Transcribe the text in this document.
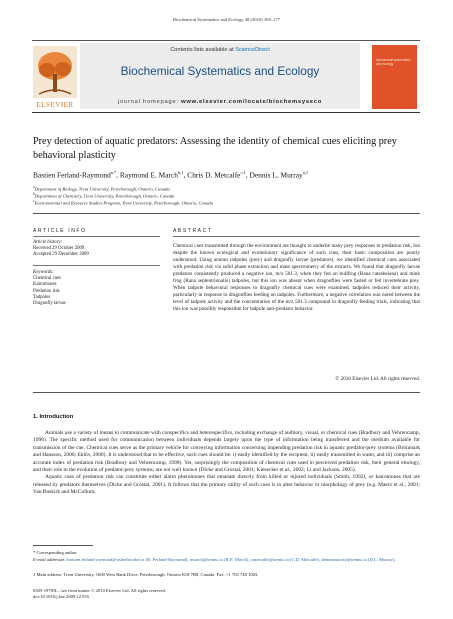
Biochemical Systematics and Ecology 38 (2010) 169–177
ELSEVIER
Contents lists available at ScienceDirect
Biochemical Systematics and Ecology
journal homepage: www.elsevier.com/locate/biochemsyseco
biochemical systematics and ecology
Prey detection of aquatic predators: Assessing the identity of chemical cues eliciting prey behavioral plasticity
Bastien Ferland-Raymond$^{a,*}$, Raymond E. March$^{b,1}$, Chris D. Metcalfe$^{c,1}$, Dennis L. Murray$^{a,1}$
$^a$Department of Biology, Trent University, Peterborough, Ontario, Canada
$^b$Department of Chemistry, Trent University, Peterborough, Ontario, Canada
$^c$Environmental and Resource Studies Program, Trent University, Peterborough, Ontario, Canada
ARTICLE INFO
Article history:
Received 29 October 2009
Accepted 29 December 2009
Keywords:
Chemical cues
Kairomones
Predation risk
Tadpoles
Dragonfly larvae
ABSTRACT
Chemical cues transmitted through the environment are thought to underlie many prey responses to predation risk, but despite the known ecological and evolutionary significance of such cues, their basic composition are poorly understood. Using anuran tadpoles (prey) and dragonfly larvae (predators), we identified chemical cues associated with predation risk via solid phase extraction and mass spectrometry of the extracts. We found that dragonfly larvae predators consistently produced a negative ion, m/z 501.3, when they fed on bullfrog (Rana catesbeiana) and mink frog (Rana septentrionalis) tadpoles, but this ion was absent when dragonflies were fasted or fed invertebrate prey. When tadpole behavioral responses to dragonfly chemical cues were examined, tadpoles reduced their activity, particularly in response to dragonflies feeding on tadpoles. Furthermore, a negative correlation was noted between the level of tadpole activity and the concentration of the m/z 501.3 compound in dragonfly feeding trials, indicating that this ion was possibly responsible for tadpole anti-predator behavior.
© 2010 Elsevier Ltd. All rights reserved.
1. Introduction

Animals use a variety of means to communicate with conspecifics and heterospecifics, including exchange of auditory, visual, or chemical cues (Bradbury and Vehrencamp, 1998). The specific method used for communication between individuals depends largely upon the type of information being transferred and the medium available for transmission of the cue. Chemical cues serve as the primary vehicle for conveying information concerning impending predation risk in aquatic predator-prey systems (Brönmark and Hansson, 2000; Eklöv, 2000). It is understood that to be effective, such cues should be: i) easily identified by the recipient, ii) easily transmitted in water, and iii) comprise an accurate index of predation risk (Bradbury and Vehrencamp, 1998). Yet, surprisingly the composition of chemical cues used in perceived predation risk, their general etiology, and their role in the evolution of predator-prey systems, are not well known (Dicke and Grostal, 2001; Kiesecker et al., 2002; Li and Jackson, 2005).

Aquatic cues of predation risk can constitute either alarm pheromones that emanate directly from killed or injured individuals (Smith, 1992), or kairomones that are released by predators themselves (Dicke and Grostal, 2001). It follows that the primary utility of such cues is to alter behavior or morphology of prey (e.g. Maerz et al., 2001; Van Buskirk and McCollum,

* Corresponding author.
E-mail addresses: bastien.ferland-raymond@usherbrooke.ca (B. Ferland-Raymond), rmarch@trentu.ca (R.E. March), cmetcalfe@trentu.ca (C.D. Metcalfe), dennismurray@trentu.ca (D.L. Murray).
1 Main address: Trent University, 1600 West Bank Drive, Peterborough, Ontario K9J 7B8, Canada. Fax: +1 705 748 1003.
0305-1978/$ – see front matter © 2010 Elsevier Ltd. All rights reserved.
doi:10.1016/j.bse.2009.12.035
